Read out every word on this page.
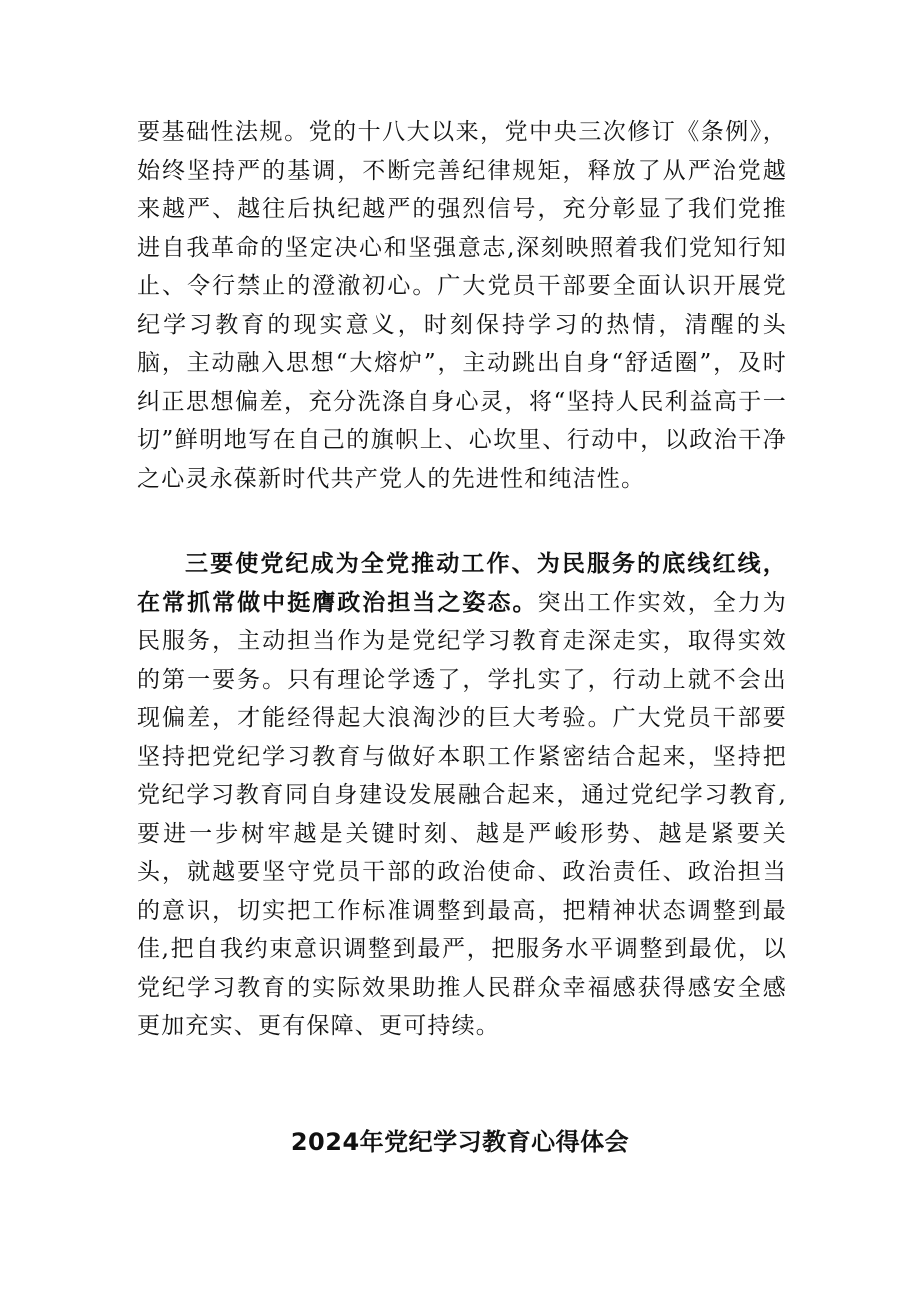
要基础性法规。党的十八大以来，党中央三次修订《条例》，始终坚持严的基调，不断完善纪律规矩，释放了从严治党越来越严、越往后执纪越严的强烈信号，充分彰显了我们党推进自我革命的坚定决心和坚强意志,深刻映照着我们党知行知止、令行禁止的澄澈初心。广大党员干部要全面认识开展党纪学习教育的现实意义，时刻保持学习的热情，清醒的头脑，主动融入思想“大熔炉”，主动跳出自身“舒适圈”，及时纠正思想偏差，充分洗涤自身心灵，将“坚持人民利益高于一切”鲜明地写在自己的旗帜上、心坎里、行动中，以政治干净之心灵永葆新时代共产党人的先进性和纯洁性。

三要使党纪成为全党推动工作、为民服务的底线红线，在常抓常做中挺膺政治担当之姿态。突出工作实效，全力为民服务，主动担当作为是党纪学习教育走深走实，取得实效的第一要务。只有理论学透了，学扎实了，行动上就不会出现偏差，才能经得起大浪淘沙的巨大考验。广大党员干部要坚持把党纪学习教育与做好本职工作紧密结合起来，坚持把党纪学习教育同自身建设发展融合起来，通过党纪学习教育,要进一步树牢越是关键时刻、越是严峻形势、越是紧要关头，就越要坚守党员干部的政治使命、政治责任、政治担当的意识，切实把工作标准调整到最高，把精神状态调整到最佳,把自我约束意识调整到最严，把服务水平调整到最优，以党纪学习教育的实际效果助推人民群众幸福感获得感安全感更加充实、更有保障、更可持续。

2024年党纪学习教育心得体会
